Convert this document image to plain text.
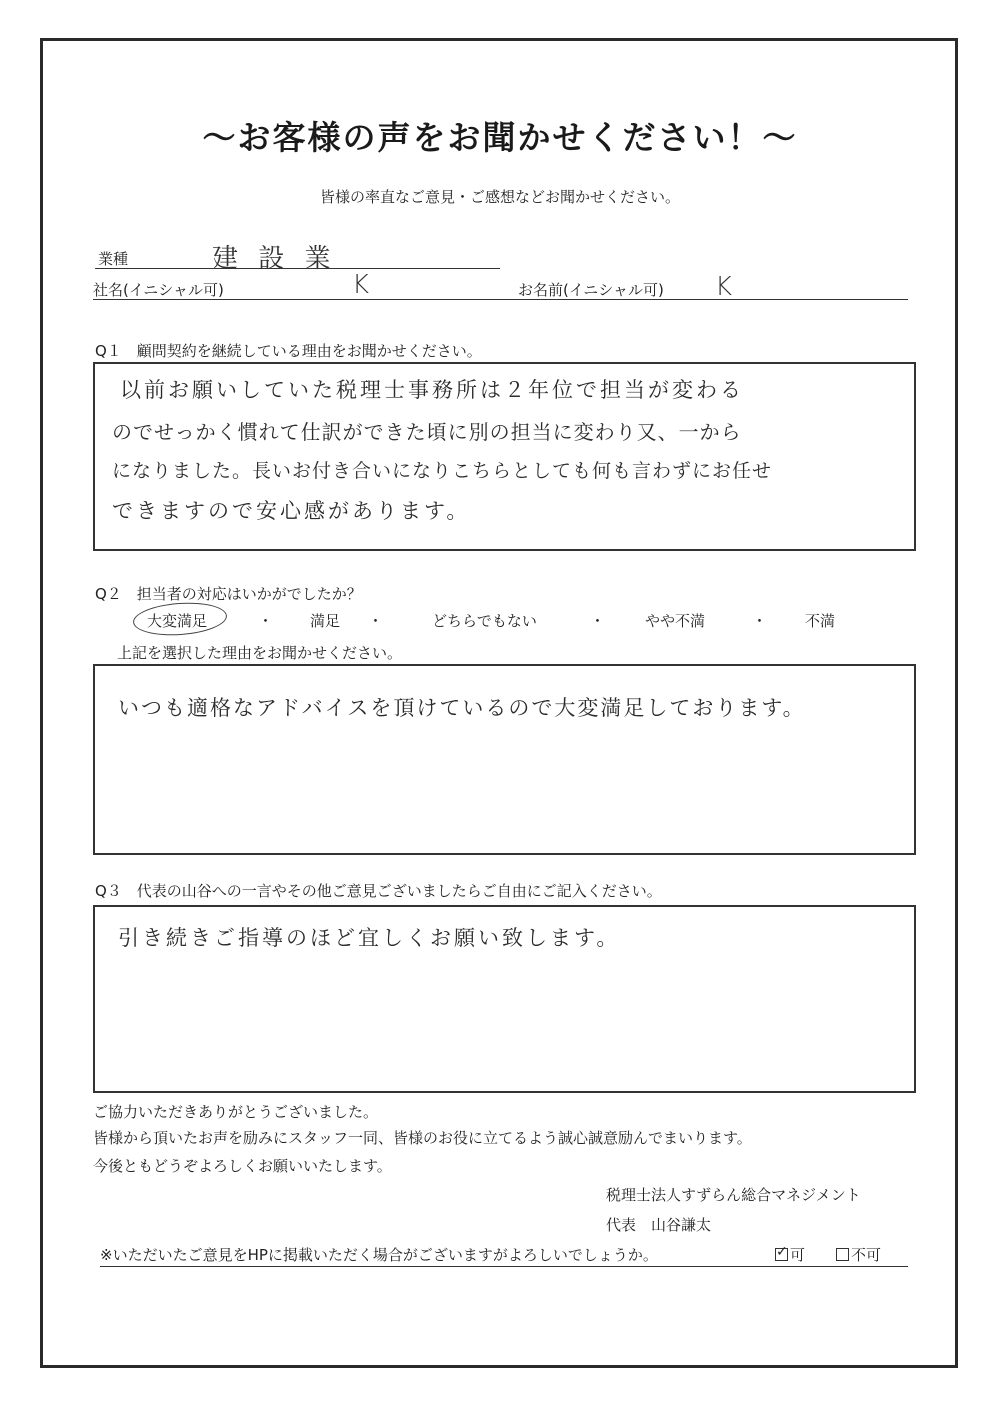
～お客様の声をお聞かせください！～
皆様の率直なご意見・ご感想などお聞かせください。
業種	建 設 業
社名(イニシャル可)	K	お名前(イニシャル可) K
Q１　顧問契約を継続している理由をお聞かせください。
以前お願いしていた税理士事務所は２年位で担当が変わる
のでせっかく慣れて仕訳ができた頃に別の担当に変わり又、一から
になりました。長いお付き合いになりこちらとしても何も言わずにお任せ
できますので安心感があります。
Q２　担当者の対応はいかがでしたか？
大変満足	・ 満足 ・	どちらでもない	・	やや不満	・	不満
上記を選択した理由をお聞かせください。
いつも適格なアドバイスを頂けているので大変満足しております。
Q３　代表の山谷への一言やその他ご意見ございましたらご自由にご記入ください。
引き続きご指導のほど宜しくお願い致します。
ご協力いただきありがとうございました。
皆様から頂いたお声を励みにスタッフ一同、皆様のお役に立てるよう誠心誠意励んでまいります。
今後ともどうぞよろしくお願いいたします。
税理士法人すずらん総合マネジメント
代表　山谷謙太
※いただいたご意見をHPに掲載いただく場合がございますがよろしいでしょうか。
✓	可	不可
